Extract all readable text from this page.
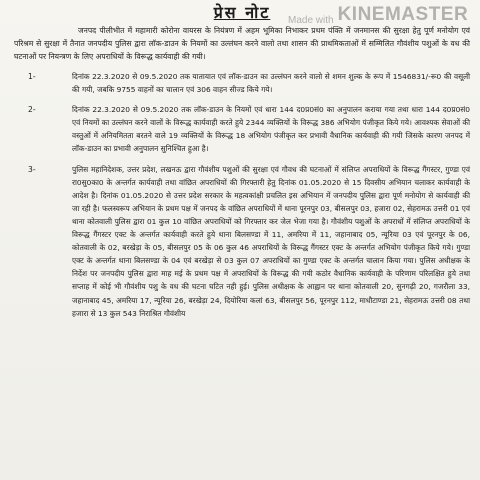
Made with KINEMASTER
प्रेस नोट

जनपद पीलीभीत में महामारी कोरोना वायरस के नियंत्रण में अहम भूमिका निभाकर प्रथम पंक्ति में जनमानस की सुरक्षा हेतु पूर्ण मनोयोग एवं परिश्रम से सुरक्षा में तैनात जनपदीय पुलिस द्वारा लॉक-डाउन के नियमों का उल्लंघन करने वालो तथा शासन की प्राथमिकताओं में सम्मिलित गौवंशीय पशुओं के वध की घटनाओं पर नियन्त्रण के लिए अपराधियों के विरूद्ध कार्यवाही की गयी।

1-	दिनांक 22.3.2020 से 09.5.2020 तक यातायात एवं लॉक-डाउन का उल्लंघन करने वालो से शमन शुल्क के रूप में 1546831/-रू0 की वसूली की गयी, जबकि 9755 वाहनों का चालान एवं 306 वाहन सीज्ड किये गये।

2-	दिनांक 22.3.2020 से 09.5.2020 तक लॉक-डाउन के नियमों एवं धारा 144 द0प्र0सं0 का अनुपालन कराया गया तथा धारा 144 द0प्र0सं0 एवं नियमों का उल्लंघन करने वालों के विरूद्ध कार्यवाही करते हुये 2344 व्यक्तियों के विरूद्ध 386 अभियोग पंजीकृत किये गये। आवश्यक सेवाओं की वस्तुओं में अनियमितता बरतने वाले 19 व्यक्तियों के विरूद्ध 18 अभियोग पंजीकृत कर प्रभावी वैधानिक कार्यवाही की गयी जिसके कारण जनपद में लॉक-डाउन का प्रभावी अनुपालन सुनिश्चित हुआ है।

3-	पुलिस महानिदेशक, उत्तर प्रदेश, लखनऊ द्वारा गौवंशीय पशुओं की सुरक्षा एवं गौवध की घटनाओं में संलिप्त अपराधियों के विरूद्ध गैंगस्टर, गुण्डा एवं रा0सु0का0 के अन्तर्गत कार्यवाही तथा वांछित अपराधियों की गिरफ्तारी हेतु दिनांक 01.05.2020 से 15 दिवसीय अभियान चलाकर कार्यवाही के आदेश है। दिनांक 01.05.2020 से उत्तर प्रदेश सरकार के महत्वकांक्षी प्रचलित इस अभियान में जनपदीय पुलिस द्वारा पूर्ण मनोयोग से कार्यवाही की जा रही है। फलस्वरूप अभियान के प्रथम पक्ष में जनपद के वांछित अपराधियों में थाना पूरनपुर 03, बीसलपुर 03, हजारा 02, सेहरामऊ उत्तरी 01 एवं थाना कोतवाली पुलिस द्वारा 01 कुल 10 वांछित अपराधियों को गिरफ्तार कर जेल भेजा गया है। गौवंशीय पशुओं के अपराधों में संलिप्त अपराधियों के विरूद्ध गैंगस्टर एक्ट के अन्तर्गत कार्यवाही करते हुये थाना बिलसण्डा में 11, अमरिया में 11, जहानाबाद 05, न्यूरिया 03 एवं पूरनपुर के 06, कोतवाली के 02, बरखेड़ा के 05, बीसलपुर 05 के 06 कुल 46 अपराधियों के विरूद्ध गैंगस्टर एक्ट के अन्तर्गत अभियोग पंजीकृत किये गये। गुण्डा एक्ट के अन्तर्गत थाना बिलसण्डा के 04 एवं बरखेड़ा से 03 कुल 07 अपराधियों का गुण्डा एक्ट के अन्तर्गत चालान किया गया। पुलिस अधीक्षक के निर्देश पर जनपदीय पुलिस द्वारा माह मई के प्रथम पक्ष में अपराधियों के विरूद्ध की गयी कठोर वैधानिक कार्यवाही के परिणाम परिलक्षित हुये तथा सप्ताह में कोई भी गौवंशीय पशु के वध की घटना घटित नही हुई। पुलिस अधीक्षक के आह्वान पर थाना कोतवाली 20, सुनगढ़ी 20, गजरौला 33, जहानाबाद 45, अमरिया 17, न्यूरिया 26, बरखेड़ा 24, दियोरिया कलां 63, बीसलपुर 56, पूरनपुर 112, माधौटाण्डा 21, सेहरामऊ उत्तरी 08 तथा हजारा से 13 कुल 543 निराश्रित गौवंशीय
